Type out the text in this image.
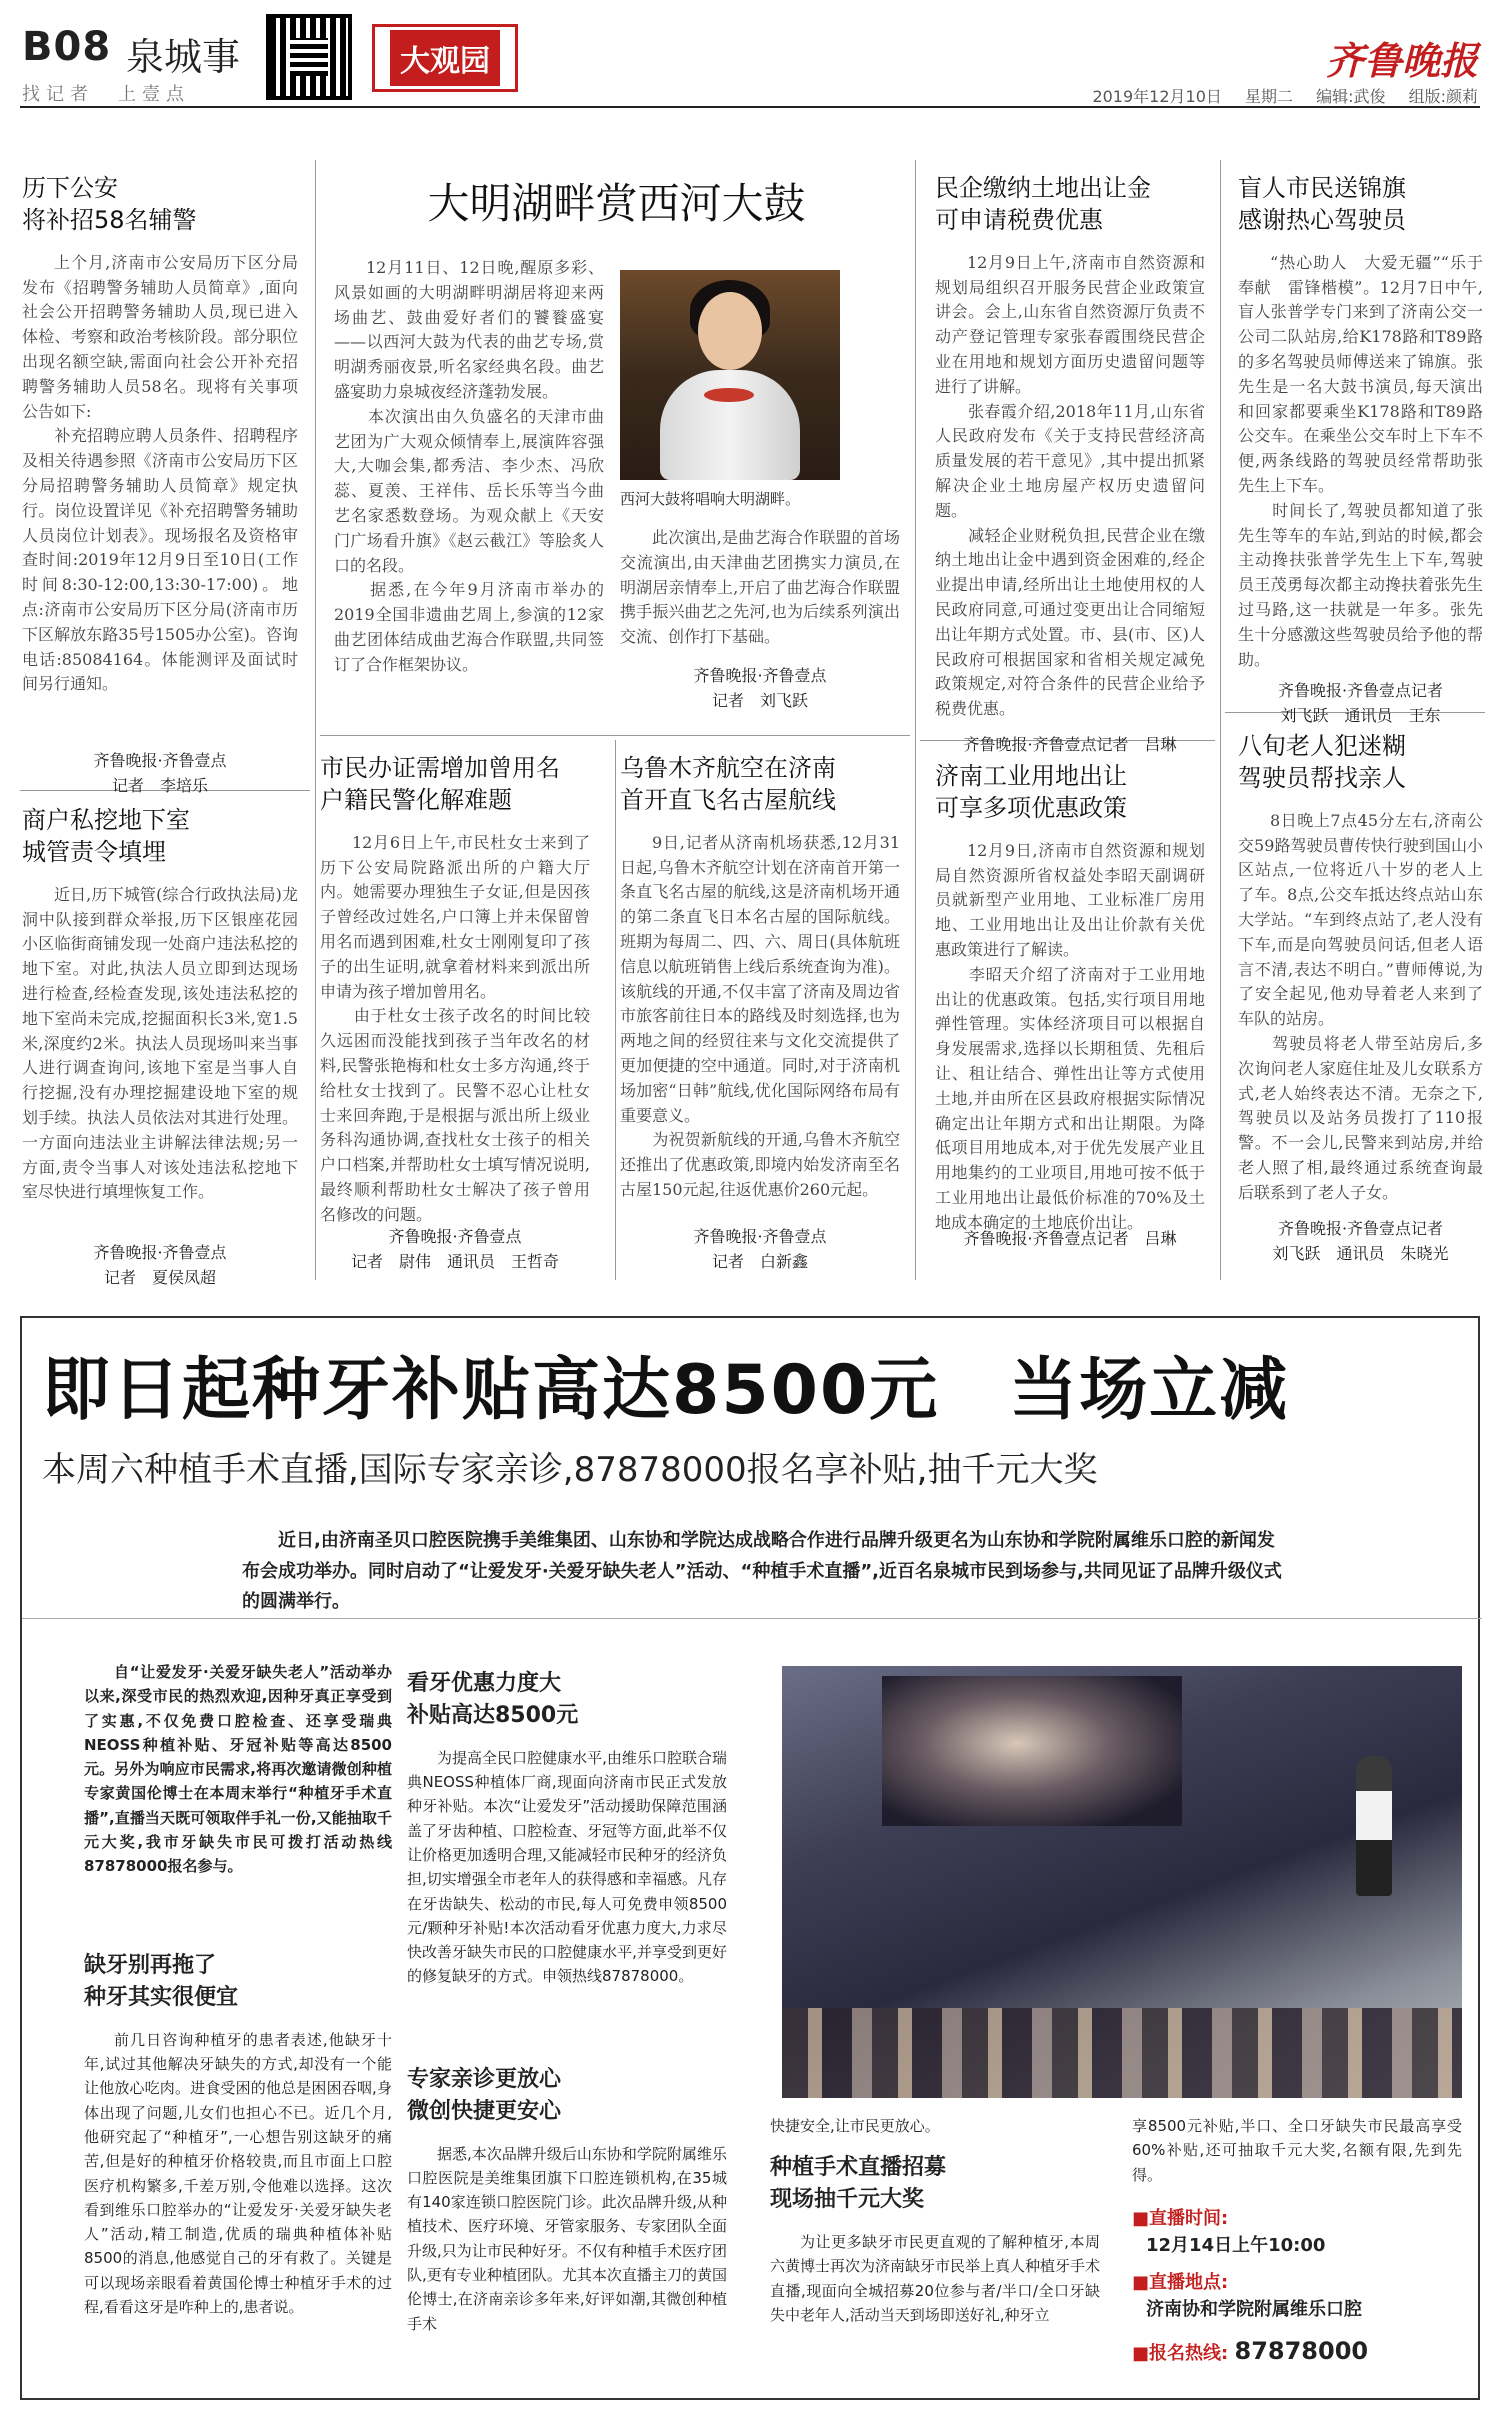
B08 泉城事
找记者　上壹点
大观园	齐鲁晚报
2019年12月10日 星期二 编辑:武俊 组版:颜莉
历下公安
将补招58名辅警
上个月,济南市公安局历下区分局发布《招聘警务辅助人员简章》,面向社会公开招聘警务辅助人员,现已进入体检、考察和政治考核阶段。部分职位出现名额空缺,需面向社会公开补充招聘警务辅助人员58名。现将有关事项公告如下:
　　补充招聘应聘人员条件、招聘程序及相关待遇参照《济南市公安局历下区分局招聘警务辅助人员简章》规定执行。岗位设置详见《补充招聘警务辅助人员岗位计划表》。现场报名及资格审查时间:2019年12月9日至10日(工作时间8:30-12:00,13:30-17:00)。地点:济南市公安局历下区分局(济南市历下区解放东路35号1505办公室)。咨询电话:85084164。体能测评及面试时间另行通知。
齐鲁晚报·齐鲁壹点
记者　李培乐
商户私挖地下室
城管责令填埋
近日,历下城管(综合行政执法局)龙洞中队接到群众举报,历下区银座花园小区临街商铺发现一处商户违法私挖的地下室。对此,执法人员立即到达现场进行检查,经检查发现,该处违法私挖的地下室尚未完成,挖掘面积长3米,宽1.5米,深度约2米。执法人员现场叫来当事人进行调查询问,该地下室是当事人自行挖掘,没有办理挖掘建设地下室的规划手续。执法人员依法对其进行处理。一方面向违法业主讲解法律法规;另一方面,责令当事人对该处违法私挖地下室尽快进行填埋恢复工作。
齐鲁晚报·齐鲁壹点
记者　夏侯凤超
大明湖畔赏西河大鼓
12月11日、12日晚,醒原多彩、风景如画的大明湖畔明湖居将迎来两场曲艺、鼓曲爱好者们的饕餮盛宴——以西河大鼓为代表的曲艺专场,赏明湖秀丽夜景,听名家经典名段。曲艺盛宴助力泉城夜经济蓬勃发展。
　　本次演出由久负盛名的天津市曲艺团为广大观众倾情奉上,展演阵容强大,大咖会集,都秀洁、李少杰、冯欣蕊、夏羡、王祥伟、岳长乐等当今曲艺名家悉数登场。为观众献上《天安门广场看升旗》《赵云截江》等脍炙人口的名段。
　　据悉,在今年9月济南市举办的2019全国非遗曲艺周上,参演的12家曲艺团体结成曲艺海合作联盟,共同签订了合作框架协议。
西河大鼓将唱响大明湖畔。
此次演出,是曲艺海合作联盟的首场交流演出,由天津曲艺团携实力演员,在明湖居亲情奉上,开启了曲艺海合作联盟携手振兴曲艺之先河,也为后续系列演出交流、创作打下基础。
齐鲁晚报·齐鲁壹点
记者　刘飞跃
市民办证需增加曾用名
户籍民警化解难题
12月6日上午,市民杜女士来到了历下公安局院路派出所的户籍大厅内。她需要办理独生子女证,但是因孩子曾经改过姓名,户口簿上并未保留曾用名而遇到困难,杜女士刚刚复印了孩子的出生证明,就拿着材料来到派出所申请为孩子增加曾用名。
　　由于杜女士孩子改名的时间比较久远困而没能找到孩子当年改名的材料,民警张艳梅和杜女士多方沟通,终于给杜女士找到了。民警不忍心让杜女士来回奔跑,于是根据与派出所上级业务科沟通协调,查找杜女士孩子的相关户口档案,并帮助杜女士填写情况说明,最终顺利帮助杜女士解决了孩子曾用名修改的问题。
齐鲁晚报·齐鲁壹点
记者　尉伟　通讯员　王哲奇
乌鲁木齐航空在济南
首开直飞名古屋航线
9日,记者从济南机场获悉,12月31日起,乌鲁木齐航空计划在济南首开第一条直飞名古屋的航线,这是济南机场开通的第二条直飞日本名古屋的国际航线。班期为每周二、四、六、周日(具体航班信息以航班销售上线后系统查询为准)。该航线的开通,不仅丰富了济南及周边省市旅客前往日本的路线及时刻选择,也为两地之间的经贸往来与文化交流提供了更加便捷的空中通道。同时,对于济南机场加密“日韩”航线,优化国际网络布局有重要意义。
　　为祝贺新航线的开通,乌鲁木齐航空还推出了优惠政策,即境内始发济南至名古屋150元起,往返优惠价260元起。
齐鲁晚报·齐鲁壹点
记者　白新鑫
民企缴纳土地出让金
可申请税费优惠
12月9日上午,济南市自然资源和规划局组织召开服务民营企业政策宣讲会。会上,山东省自然资源厅负责不动产登记管理专家张春霞围绕民营企业在用地和规划方面历史遗留问题等进行了讲解。
　　张春霞介绍,2018年11月,山东省人民政府发布《关于支持民营经济高质量发展的若干意见》,其中提出抓紧解决企业土地房屋产权历史遗留问题。
　　减轻企业财税负担,民营企业在缴纳土地出让金中遇到资金困难的,经企业提出申请,经所出让土地使用权的人民政府同意,可通过变更出让合同缩短出让年期方式处置。市、县(市、区)人民政府可根据国家和省相关规定减免政策规定,对符合条件的民营企业给予税费优惠。
齐鲁晚报·齐鲁壹点记者　吕琳
济南工业用地出让
可享多项优惠政策
12月9日,济南市自然资源和规划局自然资源所省权益处李昭天副调研员就新型产业用地、工业标准厂房用地、工业用地出让及出让价款有关优惠政策进行了解读。
　　李昭天介绍了济南对于工业用地出让的优惠政策。包括,实行项目用地弹性管理。实体经济项目可以根据自身发展需求,选择以长期租赁、先租后让、租让结合、弹性出让等方式使用土地,并由所在区县政府根据实际情况确定出让年期方式和出让期限。为降低项目用地成本,对于优先发展产业且用地集约的工业项目,用地可按不低于工业用地出让最低价标准的70%及土地成本确定的土地底价出让。
齐鲁晚报·齐鲁壹点记者　吕琳
盲人市民送锦旗
感谢热心驾驶员
“热心助人　大爱无疆”“乐于奉献　雷锋楷模”。12月7日中午,盲人张普学专门来到了济南公交一公司二队站房,给K178路和T89路的多名驾驶员师傅送来了锦旗。张先生是一名大鼓书演员,每天演出和回家都要乘坐K178路和T89路公交车。在乘坐公交车时上下车不便,两条线路的驾驶员经常帮助张先生上下车。
　　时间长了,驾驶员都知道了张先生等车的车站,到站的时候,都会主动搀扶张普学先生上下车,驾驶员王茂勇每次都主动搀扶着张先生过马路,这一扶就是一年多。张先生十分感激这些驾驶员给予他的帮助。
齐鲁晚报·齐鲁壹点记者
刘飞跃　通讯员　王东
八旬老人犯迷糊
驾驶员帮找亲人
8日晚上7点45分左右,济南公交59路驾驶员曹传快行驶到国山小区站点,一位将近八十岁的老人上了车。8点,公交车抵达终点站山东大学站。“车到终点站了,老人没有下车,而是向驾驶员问话,但老人语言不清,表达不明白。”曹师傅说,为了安全起见,他劝导着老人来到了车队的站房。
　　驾驶员将老人带至站房后,多次询问老人家庭住址及儿女联系方式,老人始终表达不清。无奈之下,驾驶员以及站务员拨打了110报警。不一会儿,民警来到站房,并给老人照了相,最终通过系统查询最后联系到了老人子女。
齐鲁晚报·齐鲁壹点记者
刘飞跃　通讯员　朱晓光
即日起种牙补贴高达8500元　当场立减
本周六种植手术直播,国际专家亲诊,87878000报名享补贴,抽千元大奖
近日,由济南圣贝口腔医院携手美维集团、山东协和学院达成战略合作进行品牌升级更名为山东协和学院附属维乐口腔的新闻发布会成功举办。同时启动了“让爱发牙·关爱牙缺失老人”活动、“种植手术直播”,近百名泉城市民到场参与,共同见证了品牌升级仪式的圆满举行。
自“让爱发牙·关爱牙缺失老人”活动举办以来,深受市民的热烈欢迎,因种牙真正享受到了实惠,不仅免费口腔检查、还享受瑞典NEOSS种植补贴、牙冠补贴等高达8500元。另外为响应市民需求,将再次邀请微创种植专家黄国伦博士在本周末举行“种植牙手术直播”,直播当天既可领取伴手礼一份,又能抽取千元大奖,我市牙缺失市民可拨打活动热线87878000报名参与。
缺牙别再拖了
种牙其实很便宜
前几日咨询种植牙的患者表述,他缺牙十年,试过其他解决牙缺失的方式,却没有一个能让他放心吃肉。进食受困的他总是困困吞咽,身体出现了问题,儿女们也担心不已。近几个月,他研究起了“种植牙”,一心想告别这缺牙的痛苦,但是好的种植牙价格较贵,而且市面上口腔医疗机构繁多,千差万别,令他难以选择。这次看到维乐口腔举办的“让爱发牙·关爱牙缺失老人”活动,精工制造,优质的瑞典种植体补贴8500的消息,他感觉自己的牙有救了。关键是可以现场亲眼看着黄国伦博士种植牙手术的过程,看看这牙是咋种上的,患者说。
看牙优惠力度大
补贴高达8500元
为提高全民口腔健康水平,由维乐口腔联合瑞典NEOSS种植体厂商,现面向济南市民正式发放种牙补贴。本次“让爱发牙”活动援助保障范围涵盖了牙齿种植、口腔检查、牙冠等方面,此举不仅让价格更加透明合理,又能减轻市民种牙的经济负担,切实增强全市老年人的获得感和幸福感。凡存在牙齿缺失、松动的市民,每人可免费申领8500元/颗种牙补贴!本次活动看牙优惠力度大,力求尽快改善牙缺失市民的口腔健康水平,并享受到更好的修复缺牙的方式。申领热线87878000。
专家亲诊更放心
微创快捷更安心
据悉,本次品牌升级后山东协和学院附属维乐口腔医院是美维集团旗下口腔连锁机构,在35城有140家连锁口腔医院门诊。此次品牌升级,从种植技术、医疗环境、牙管家服务、专家团队全面升级,只为让市民种好牙。不仅有种植手术医疗团队,更有专业种植团队。尤其本次直播主刀的黄国伦博士,在济南亲诊多年来,好评如潮,其微创种植手术
快捷安全,让市民更放心。
种植手术直播招募
现场抽千元大奖
为让更多缺牙市民更直观的了解种植牙,本周六黄博士再次为济南缺牙市民举上真人种植牙手术直播,现面向全城招募20位参与者/半口/全口牙缺失中老年人,活动当天到场即送好礼,种牙立
享8500元补贴,半口、全口牙缺失市民最高享受60%补贴,还可抽取千元大奖,名额有限,先到先得。
■直播时间:
12月14日上午10:00
■直播地点:
济南协和学院附属维乐口腔
■报名热线: 87878000
